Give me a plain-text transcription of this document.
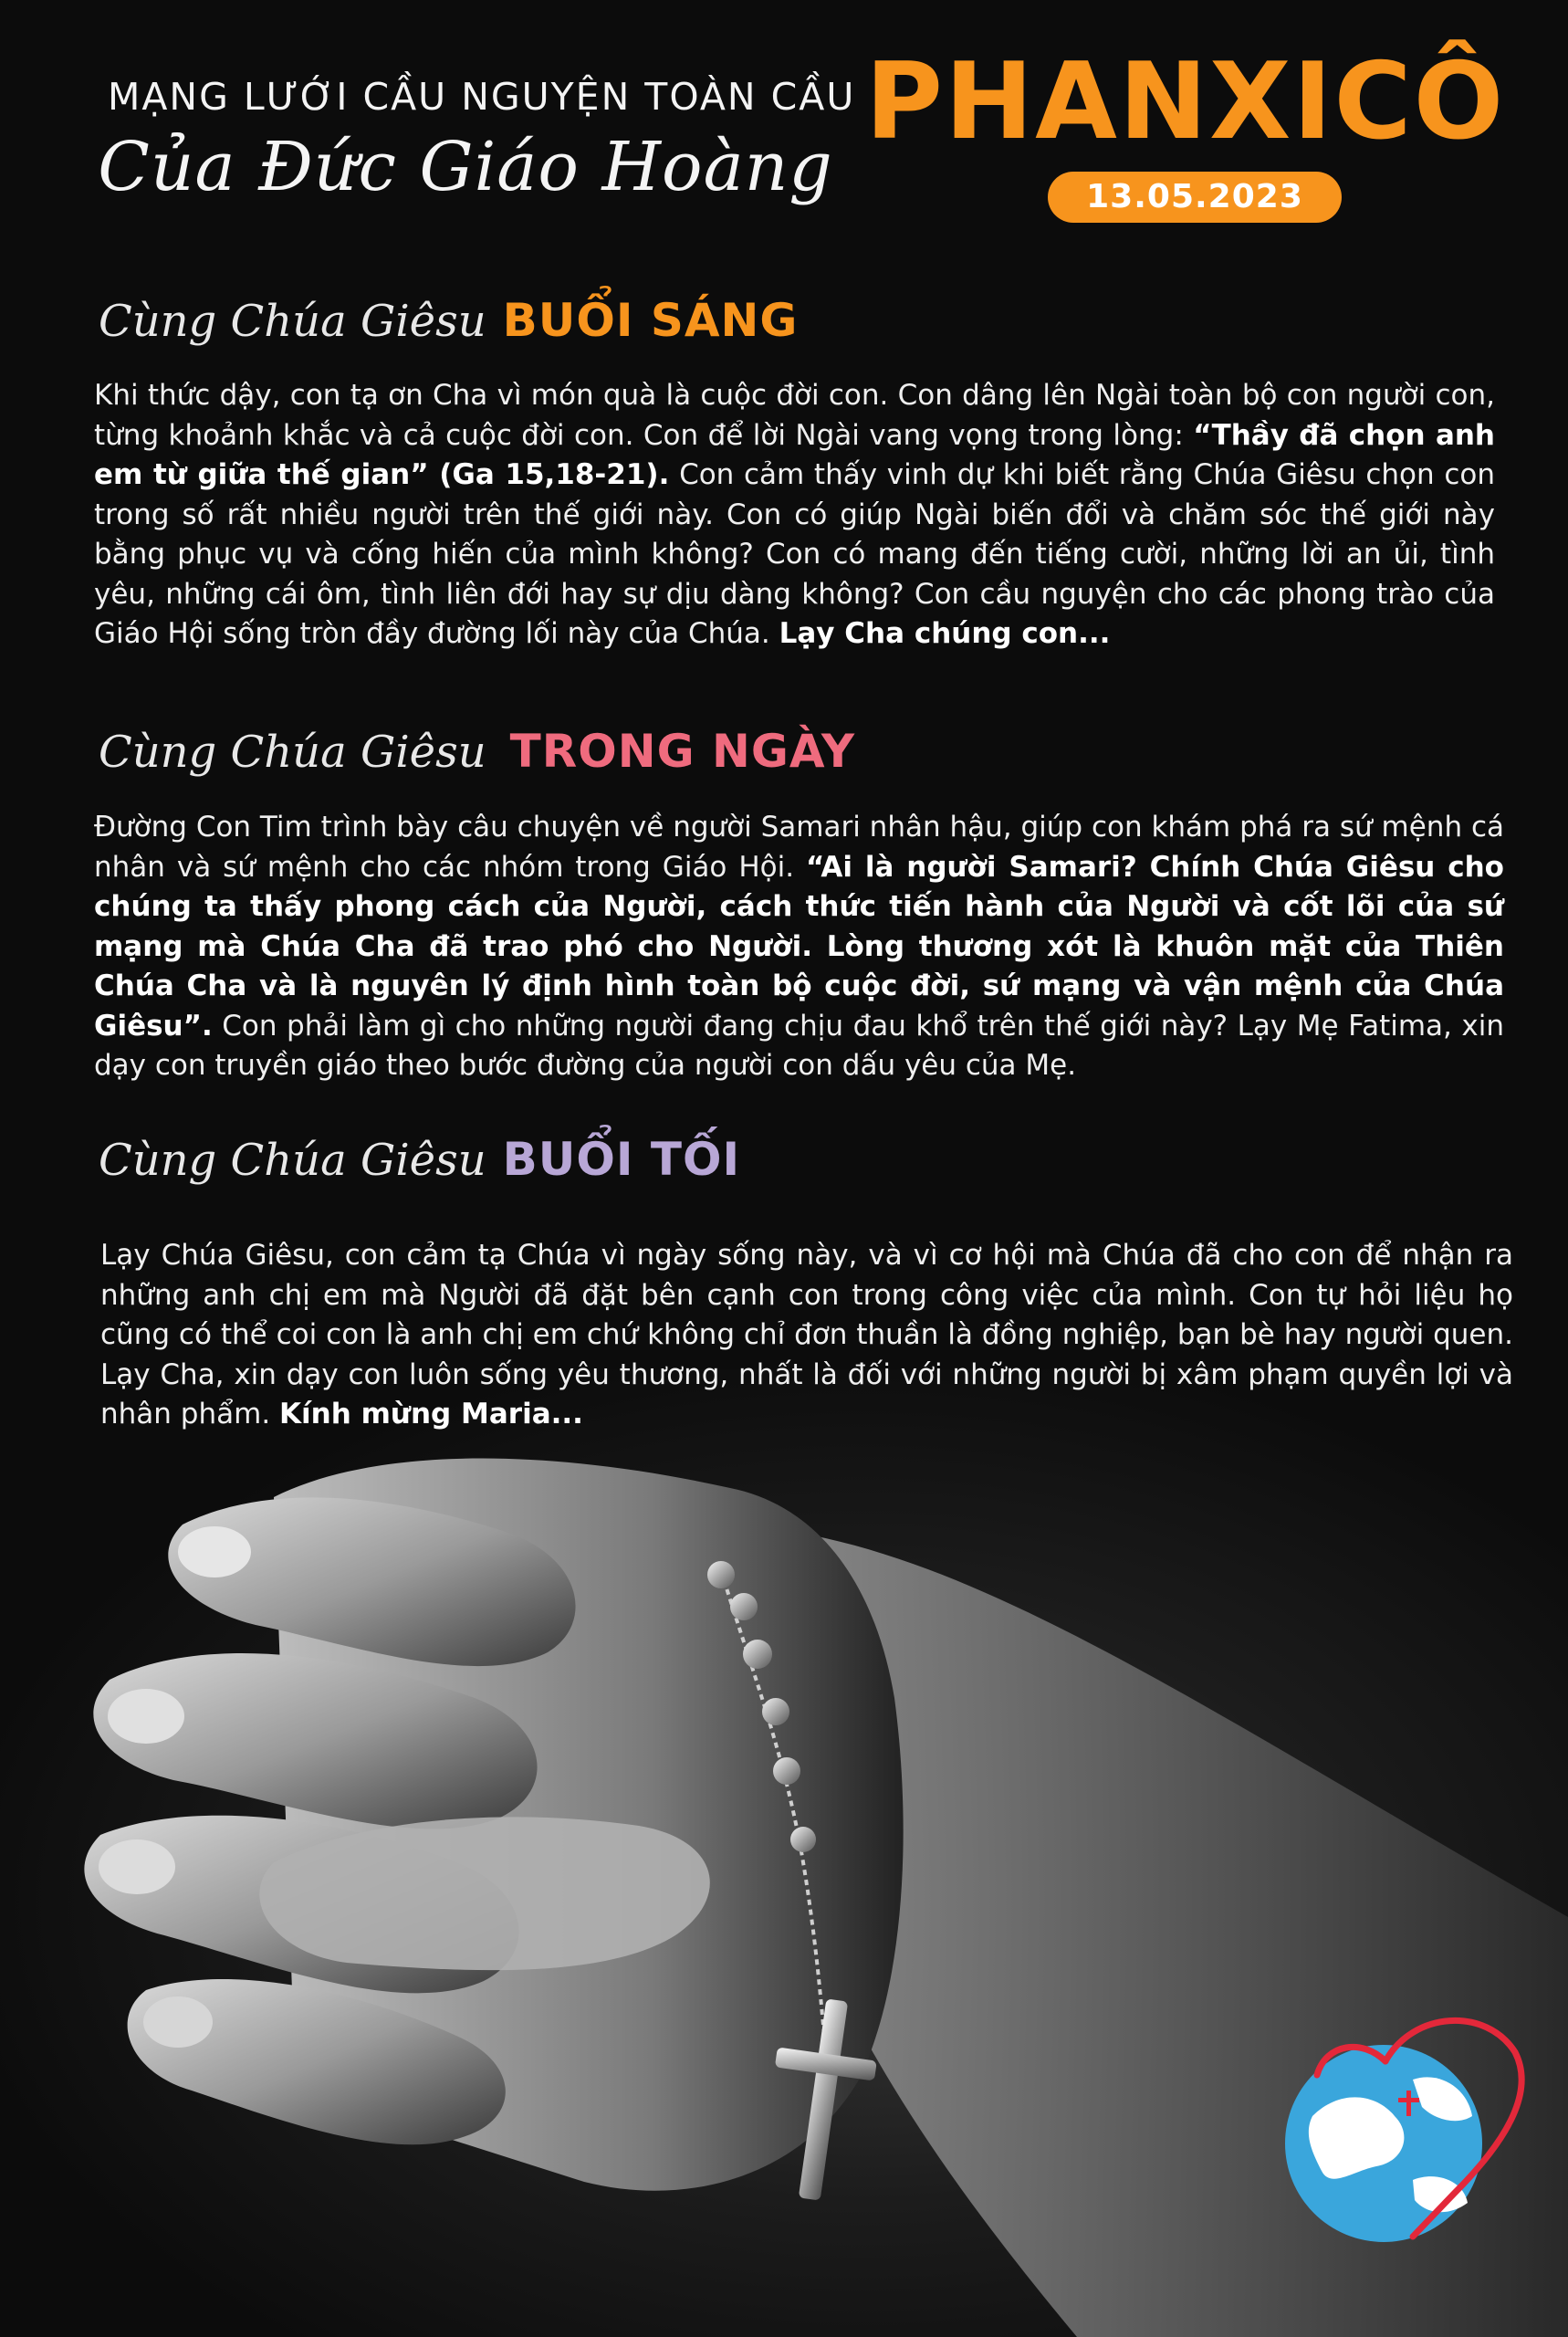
MẠNG LƯỚI CẦU NGUYỆN TOÀN CẦU
Của Đức Giáo Hoàng
PHANXICÔ
13.05.2023
Cùng Chúa Giêsu BUỔI SÁNG
Khi thức dậy, con tạ ơn Cha vì món quà là cuộc đời con. Con dâng lên Ngài toàn bộ con người con, từng khoảnh khắc và cả cuộc đời con. Con để lời Ngài vang vọng trong lòng: “Thầy đã chọn anh em từ giữa thế gian” (Ga 15,18-21). Con cảm thấy vinh dự khi biết rằng Chúa Giêsu chọn con trong số rất nhiều người trên thế giới này. Con có giúp Ngài biến đổi và chăm sóc thế giới này bằng phục vụ và cống hiến của mình không? Con có mang đến tiếng cười, những lời an ủi, tình yêu, những cái ôm, tình liên đới hay sự dịu dàng không? Con cầu nguyện cho các phong trào của Giáo Hội sống tròn đầy đường lối này của Chúa. Lạy Cha chúng con...
Cùng Chúa Giêsu TRONG NGÀY
Đường Con Tim trình bày câu chuyện về người Samari nhân hậu, giúp con khám phá ra sứ mệnh cá nhân và sứ mệnh cho các nhóm trong Giáo Hội. “Ai là người Samari? Chính Chúa Giêsu cho chúng ta thấy phong cách của Người, cách thức tiến hành của Người và cốt lõi của sứ mạng mà Chúa Cha đã trao phó cho Người. Lòng thương xót là khuôn mặt của Thiên Chúa Cha và là nguyên lý định hình toàn bộ cuộc đời, sứ mạng và vận mệnh của Chúa Giêsu”. Con phải làm gì cho những người đang chịu đau khổ trên thế giới này? Lạy Mẹ Fatima, xin dạy con truyền giáo theo bước đường của người con dấu yêu của Mẹ.
Cùng Chúa Giêsu BUỔI TỐI
Lạy Chúa Giêsu, con cảm tạ Chúa vì ngày sống này, và vì cơ hội mà Chúa đã cho con để nhận ra những anh chị em mà Người đã đặt bên cạnh con trong công việc của mình. Con tự hỏi liệu họ cũng có thể coi con là anh chị em chứ không chỉ đơn thuần là đồng nghiệp, bạn bè hay người quen. Lạy Cha, xin dạy con luôn sống yêu thương, nhất là đối với những người bị xâm phạm quyền lợi và nhân phẩm. Kính mừng Maria...
